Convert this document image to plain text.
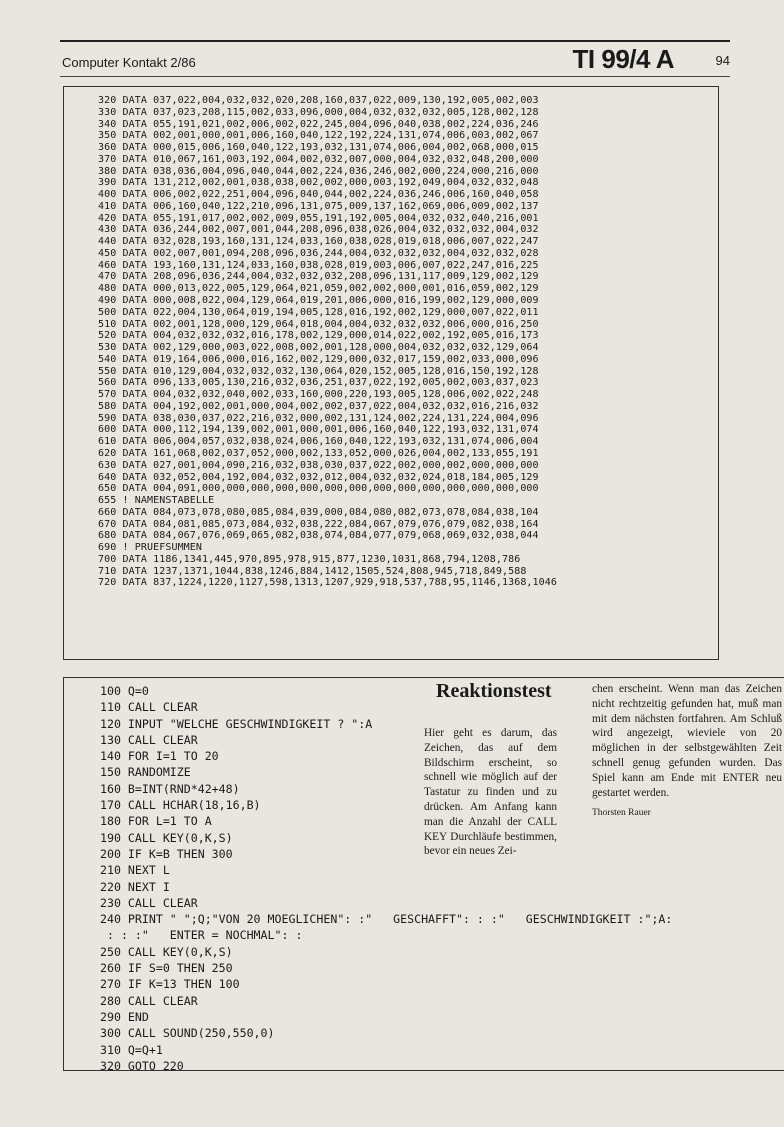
Computer Kontakt 2/86	TI 99/4 A	94
320 DATA 037,022,004,032,032,020,208,160,037,022,009,130,192,005,002,003
330 DATA 037,023,208,115,002,033,096,000,004,032,032,032,005,128,002,128
340 DATA 055,191,021,002,006,002,022,245,004,096,040,038,002,224,036,246
350 DATA 002,001,000,001,006,160,040,122,192,224,131,074,006,003,002,067
360 DATA 000,015,006,160,040,122,193,032,131,074,006,004,002,068,000,015
370 DATA 010,067,161,003,192,004,002,032,007,000,004,032,032,048,200,000
380 DATA 038,036,004,096,040,044,002,224,036,246,002,000,224,000,216,000
390 DATA 131,212,002,001,038,038,002,002,000,003,192,049,004,032,032,048
400 DATA 006,002,022,251,004,096,040,044,002,224,036,246,006,160,040,058
410 DATA 006,160,040,122,210,096,131,075,009,137,162,069,006,009,002,137
420 DATA 055,191,017,002,002,009,055,191,192,005,004,032,032,040,216,001
430 DATA 036,244,002,007,001,044,208,096,038,026,004,032,032,032,004,032
440 DATA 032,028,193,160,131,124,033,160,038,028,019,018,006,007,022,247
450 DATA 002,007,001,094,208,096,036,244,004,032,032,032,004,032,032,028
460 DATA 193,160,131,124,033,160,038,028,019,003,006,007,022,247,016,225
470 DATA 208,096,036,244,004,032,032,032,208,096,131,117,009,129,002,129
480 DATA 000,013,022,005,129,064,021,059,002,002,000,001,016,059,002,129
490 DATA 000,008,022,004,129,064,019,201,006,000,016,199,002,129,000,009
500 DATA 022,004,130,064,019,194,005,128,016,192,002,129,000,007,022,011
510 DATA 002,001,128,000,129,064,018,004,004,032,032,032,006,000,016,250
520 DATA 004,032,032,032,016,178,002,129,000,014,022,002,192,005,016,173
530 DATA 002,129,000,003,022,008,002,001,128,000,004,032,032,032,129,064
540 DATA 019,164,006,000,016,162,002,129,000,032,017,159,002,033,000,096
550 DATA 010,129,004,032,032,032,130,064,020,152,005,128,016,150,192,128
560 DATA 096,133,005,130,216,032,036,251,037,022,192,005,002,003,037,023
570 DATA 004,032,032,040,002,033,160,000,220,193,005,128,006,002,022,248
580 DATA 004,192,002,001,000,004,002,002,037,022,004,032,032,016,216,032
590 DATA 038,030,037,022,216,032,000,002,131,124,002,224,131,224,004,096
600 DATA 000,112,194,139,002,001,000,001,006,160,040,122,193,032,131,074
610 DATA 006,004,057,032,038,024,006,160,040,122,193,032,131,074,006,004
620 DATA 161,068,002,037,052,000,002,133,052,000,026,004,002,133,055,191
630 DATA 027,001,004,090,216,032,038,030,037,022,002,000,002,000,000,000
640 DATA 032,052,004,192,004,032,032,012,004,032,032,024,018,184,005,129
650 DATA 004,091,000,000,000,000,000,000,000,000,000,000,000,000,000,000
655 ! NAMENSTABELLE
660 DATA 084,073,078,080,085,084,039,000,084,080,082,073,078,084,038,104
670 DATA 084,081,085,073,084,032,038,222,084,067,079,076,079,082,038,164
680 DATA 084,067,076,069,065,082,038,074,084,077,079,068,069,032,038,044
690 ! PRUEFSUMMEN
700 DATA 1186,1341,445,970,895,978,915,877,1230,1031,868,794,1208,786
710 DATA 1237,1371,1044,838,1246,884,1412,1505,524,808,945,718,849,588
720 DATA 837,1224,1220,1127,598,1313,1207,929,918,537,788,95,1146,1368,1046
100 Q=0
110 CALL CLEAR
120 INPUT "WELCHE GESCHWINDIGKEIT ? ":A
130 CALL CLEAR
140 FOR I=1 TO 20
150 RANDOMIZE
160 B=INT(RND*42+48)
170 CALL HCHAR(18,16,B)
180 FOR L=1 TO A
190 CALL KEY(0,K,S)
200 IF K=B THEN 300
210 NEXT L
220 NEXT I
230 CALL CLEAR
240 PRINT " ";Q;"VON 20 MOEGLICHEN": :"   GESCHAFFT": : :"   GESCHWINDIGKEIT :";A:
: : :"   ENTER = NOCHMAL": :
250 CALL KEY(0,K,S)
260 IF S=0 THEN 250
270 IF K=13 THEN 100
280 CALL CLEAR
290 END
300 CALL SOUND(250,550,0)
310 Q=Q+1
320 GOTO 220
Reaktionstest

Hier geht es darum, das Zeichen, das auf dem Bildschirm erscheint, so schnell wie möglich auf der Tastatur zu finden und zu drücken. Am Anfang kann man die Anzahl der CALL KEY Durchläufe bestimmen, bevor ein neues Zei-

chen erscheint. Wenn man das Zeichen nicht rechtzeitig gefunden hat, muß man mit dem nächsten fortfahren. Am Schluß wird angezeigt, wieviele von 20 möglichen in der selbstgewählten Zeit schnell genug gefunden wurden. Das Spiel kann am Ende mit ENTER neu gestartet werden.

Thorsten Rauer
